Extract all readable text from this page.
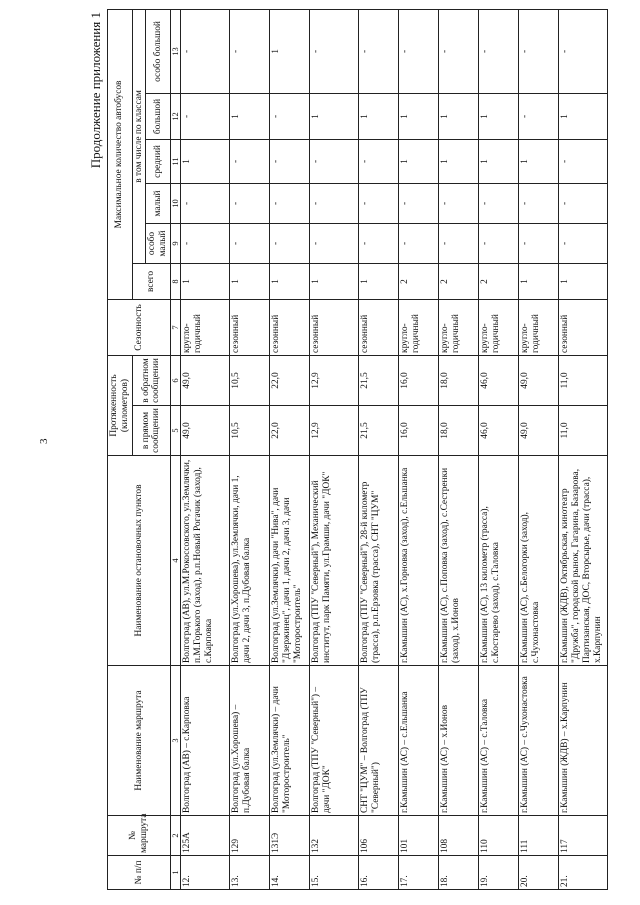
3
Продолжение приложения 1
№ п/п	№ маршрута	Наименование маршрута	Наименование остановочных пунктов	Протяженность (километров)		Сезонность	Максимальное количество автобусов					
				в прямом сообщении	в обратном сообщении		всего	в том числе по классам				
								особо малый	малый	средний	большой	особо большой
1	2	3	4	5	6	7	8	9	10	11	12	13
12.	125А	Волгоград (АВ) – с.Карповка	Волгоград (АВ), ул.М.Рокоссовского, ул.Землячки, п.М.Горького (заход), р.п.Новый Рогачик (заход), с.Карповка	49,0	49,0	кругло-годичный	1	-	-	1	-	-
13.	129	Волгоград (ул.Хорошева) – п.Дубовая балка	Волгоград (ул.Хорошева), ул.Землячки, дачи 1, дачи 2, дачи 3, п.Дубовая балка	10,5	10,5	сезонный	1	-	-	-	1	-
14.	131Э	Волгоград (ул.Землячки) – дачи "Моторостроитель"	Волгоград (ул.Землячки), дачи "Нива", дачи "Дзержинец", дачи 1, дачи 2, дачи 3, дачи "Моторостроитель"	22,0	22,0	сезонный	1	-	-	-	-	1
15.	132	Волгоград (ТПУ "Северный") – дачи "ДОК"	Волгоград (ТПУ "Северный"), Механический институт, парк Памяти, ул.Грамши, дачи "ДОК"	12,9	12,9	сезонный	1	-	-	-	1	-
16.	106	СНТ "ЦУМ" – Волгоград (ТПУ "Северный")	Волгоград (ТПУ "Северный"), 28-й километр (трасса), р.п.Ерзовка (трасса), СНТ "ЦУМ"	21,5	21,5	сезонный	1	-	-	-	1	-
17.	101	г.Камышин (АС) – с.Ельшанка	г.Камышин (АС), х.Горновка (заход), с.Ельшанка	16,0	16,0	кругло-годичный	2	-	-	1	1	-
18.	108	г.Камышин (АС) – х.Ионов	г.Камышин (АС), с.Поповка (заход), с.Сестренки (заход), х.Ионов	18,0	18,0	кругло-годичный	2	-	-	1	1	-
19.	110	г.Камышин (АС) – с.Таловка	г.Камышин (АС), 13 километр (трасса), с.Костарево (заход), с.Таловка	46,0	46,0	кругло-годичный	2	-	-	1	1	-
20.	111	г.Камышин (АС) – с.Чухонастовка	г.Камышин (АС), с.Белогорки (заход), с.Чухонастовка	49,0	49,0	кругло-годичный	1	-	-	1	-	-
21.	117	г.Камышин (ЖДВ) – х.Карпунин	г.Камышин (ЖДВ), Октябрьская, кинотеатр "Дружба", городской рынок, Гагарина, Базарова, Партизанская, ДОС, Вторсырье, дачи (трасса), х.Карпунин	11,0	11,0	сезонный	1	-	-	-	1	-
